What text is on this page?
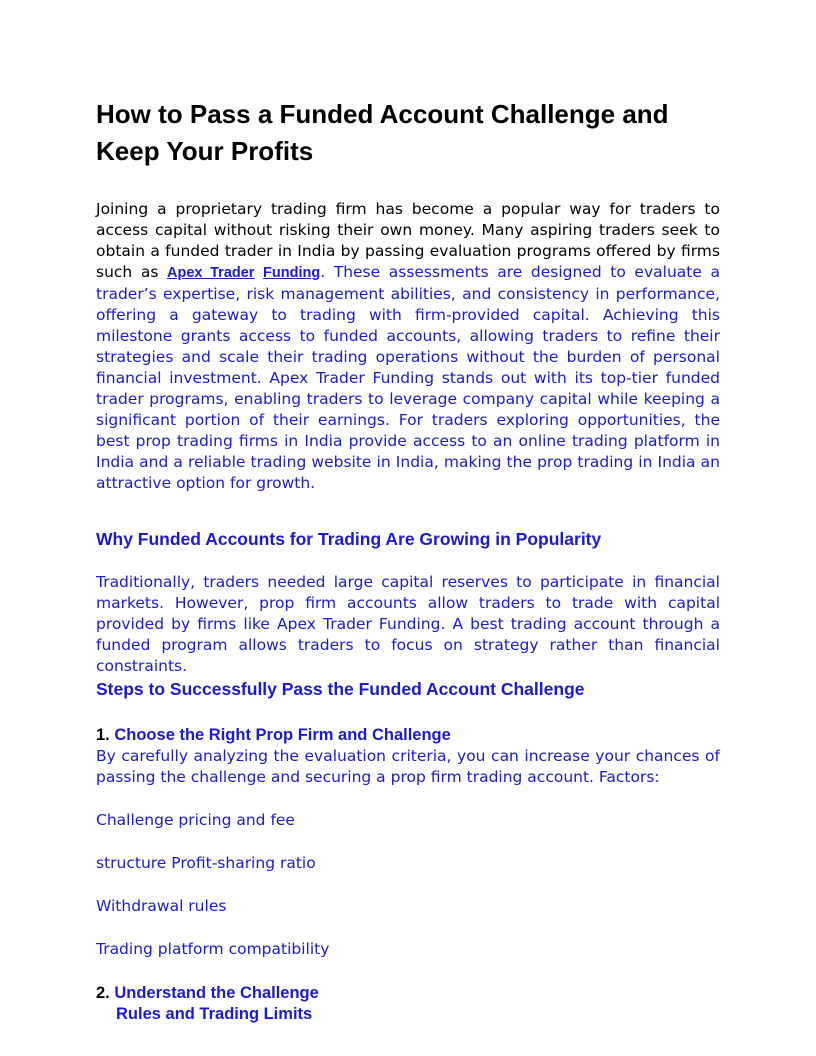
How to Pass a Funded Account Challenge and Keep Your Profits

Joining a proprietary trading firm has become a popular way for traders to access capital without risking their own money. Many aspiring traders seek to obtain a funded trader in India by passing evaluation programs offered by firms such as Apex Trader Funding. These assessments are designed to evaluate a trader’s expertise, risk management abilities, and consistency in performance, offering a gateway to trading with firm-provided capital. Achieving this milestone grants access to funded accounts, allowing traders to refine their strategies and scale their trading operations without the burden of personal financial investment. Apex Trader Funding stands out with its top-tier funded trader programs, enabling traders to leverage company capital while keeping a significant portion of their earnings. For traders exploring opportunities, the best prop trading firms in India provide access to an online trading platform in India and a reliable trading website in India, making the prop trading in India an attractive option for growth.

Why Funded Accounts for Trading Are Growing in Popularity

Traditionally, traders needed large capital reserves to participate in financial markets. However, prop firm accounts allow traders to trade with capital provided by firms like Apex Trader Funding. A best trading account through a funded program allows traders to focus on strategy rather than financial constraints.

Steps to Successfully Pass the Funded Account Challenge

1. Choose the Right Prop Firm and Challenge

By carefully analyzing the evaluation criteria, you can increase your chances of passing the challenge and securing a prop firm trading account. Factors:

Challenge pricing and fee

structure Profit-sharing ratio

Withdrawal rules

Trading platform compatibility

2. Understand the Challenge
Rules and Trading Limits
